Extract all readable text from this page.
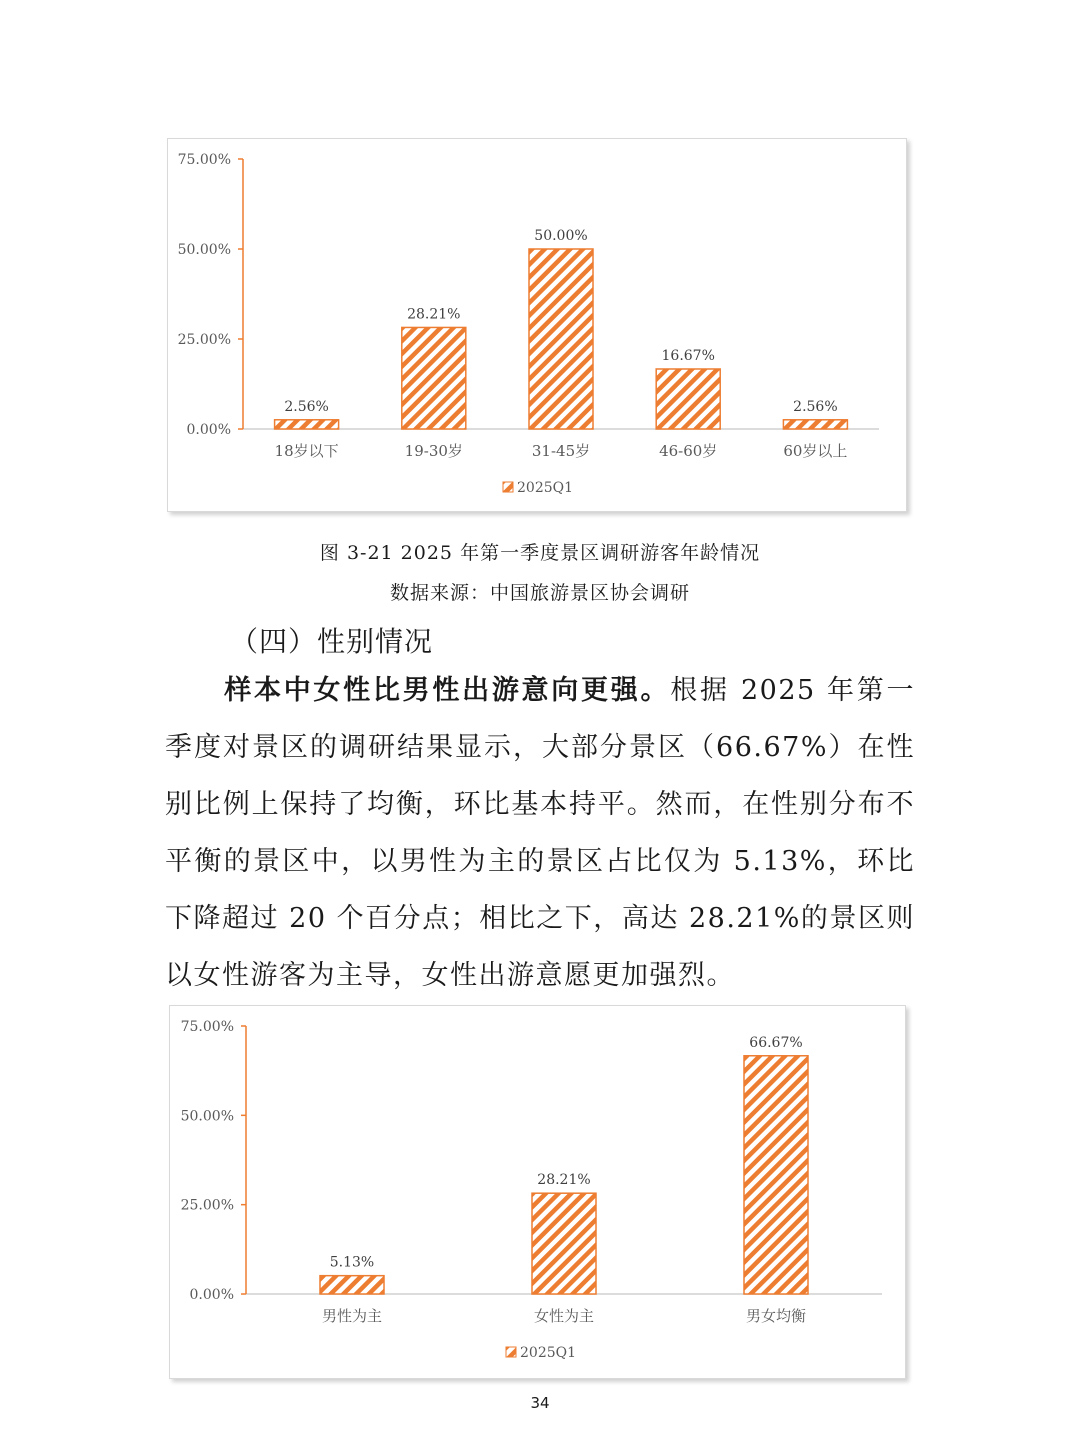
0.00%
25.00%
50.00%
75.00%
2.56%
18岁以下
28.21%
19-30岁
50.00%
31-45岁
16.67%
46-60岁
2.56%
60岁以上
2025Q1
图 3-21 2025 年第一季度景区调研游客年龄情况
数据来源：中国旅游景区协会调研
（四）性别情况
样本中女性比男性出游意向更强。根据 2025 年第一季度对景区的调研结果显示，大部分景区（66.67%）在性别比例上保持了均衡，环比基本持平。然而，在性别分布不平衡的景区中，以男性为主的景区占比仅为 5.13%，环比下降超过 20 个百分点；相比之下，高达 28.21%的景区则以女性游客为主导，女性出游意愿更加强烈。
0.00%
25.00%
50.00%
75.00%
5.13%
男性为主
28.21%
女性为主
66.67%
男女均衡
2025Q1
34
